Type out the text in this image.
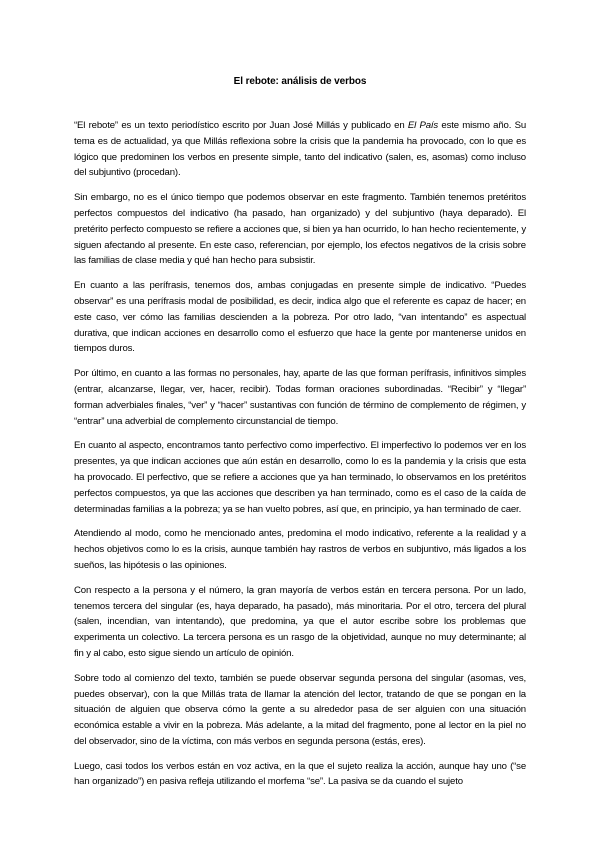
El rebote: análisis de verbos

“El rebote” es un texto periodístico escrito por Juan José Millás y publicado en El País este mismo año. Su tema es de actualidad, ya que Millás reflexiona sobre la crisis que la pandemia ha provocado, con lo que es lógico que predominen los verbos en presente simple, tanto del indicativo (salen, es, asomas) como incluso del subjuntivo (procedan).

Sin embargo, no es el único tiempo que podemos observar en este fragmento. También tenemos pretéritos perfectos compuestos del indicativo (ha pasado, han organizado) y del subjuntivo (haya deparado). El pretérito perfecto compuesto se refiere a acciones que, si bien ya han ocurrido, lo han hecho recientemente, y siguen afectando al presente. En este caso, referencian, por ejemplo, los efectos negativos de la crisis sobre las familias de clase media y qué han hecho para subsistir.

En cuanto a las perífrasis, tenemos dos, ambas conjugadas en presente simple de indicativo. “Puedes observar” es una perífrasis modal de posibilidad, es decir, indica algo que el referente es capaz de hacer; en este caso, ver cómo las familias descienden a la pobreza. Por otro lado, “van intentando” es aspectual durativa, que indican acciones en desarrollo como el esfuerzo que hace la gente por mantenerse unidos en tiempos duros.

Por último, en cuanto a las formas no personales, hay, aparte de las que forman perífrasis, infinitivos simples (entrar, alcanzarse, llegar, ver, hacer, recibir). Todas forman oraciones subordinadas. “Recibir” y “llegar” forman adverbiales finales, “ver” y “hacer” sustantivas con función de término de complemento de régimen, y “entrar” una adverbial de complemento circunstancial de tiempo.

En cuanto al aspecto, encontramos tanto perfectivo como imperfectivo. El imperfectivo lo podemos ver en los presentes, ya que indican acciones que aún están en desarrollo, como lo es la pandemia y la crisis que esta ha provocado. El perfectivo, que se refiere a acciones que ya han terminado, lo observamos en los pretéritos perfectos compuestos, ya que las acciones que describen ya han terminado, como es el caso de la caída de determinadas familias a la pobreza; ya se han vuelto pobres, así que, en principio, ya han terminado de caer.

Atendiendo al modo, como he mencionado antes, predomina el modo indicativo, referente a la realidad y a hechos objetivos como lo es la crisis, aunque también hay rastros de verbos en subjuntivo, más ligados a los sueños, las hipótesis o las opiniones.

Con respecto a la persona y el número, la gran mayoría de verbos están en tercera persona. Por un lado, tenemos tercera del singular (es, haya deparado, ha pasado), más minoritaria. Por el otro, tercera del plural (salen, incendian, van intentando), que predomina, ya que el autor escribe sobre los problemas que experimenta un colectivo. La tercera persona es un rasgo de la objetividad, aunque no muy determinante; al fin y al cabo, esto sigue siendo un artículo de opinión.

Sobre todo al comienzo del texto, también se puede observar segunda persona del singular (asomas, ves, puedes observar), con la que Millás trata de llamar la atención del lector, tratando de que se pongan en la situación de alguien que observa cómo la gente a su alrededor pasa de ser alguien con una situación económica estable a vivir en la pobreza. Más adelante, a la mitad del fragmento, pone al lector en la piel no del observador, sino de la víctima, con más verbos en segunda persona (estás, eres).

Luego, casi todos los verbos están en voz activa, en la que el sujeto realiza la acción, aunque hay uno (“se han organizado”) en pasiva refleja utilizando el morfema “se”. La pasiva se da cuando el sujeto
